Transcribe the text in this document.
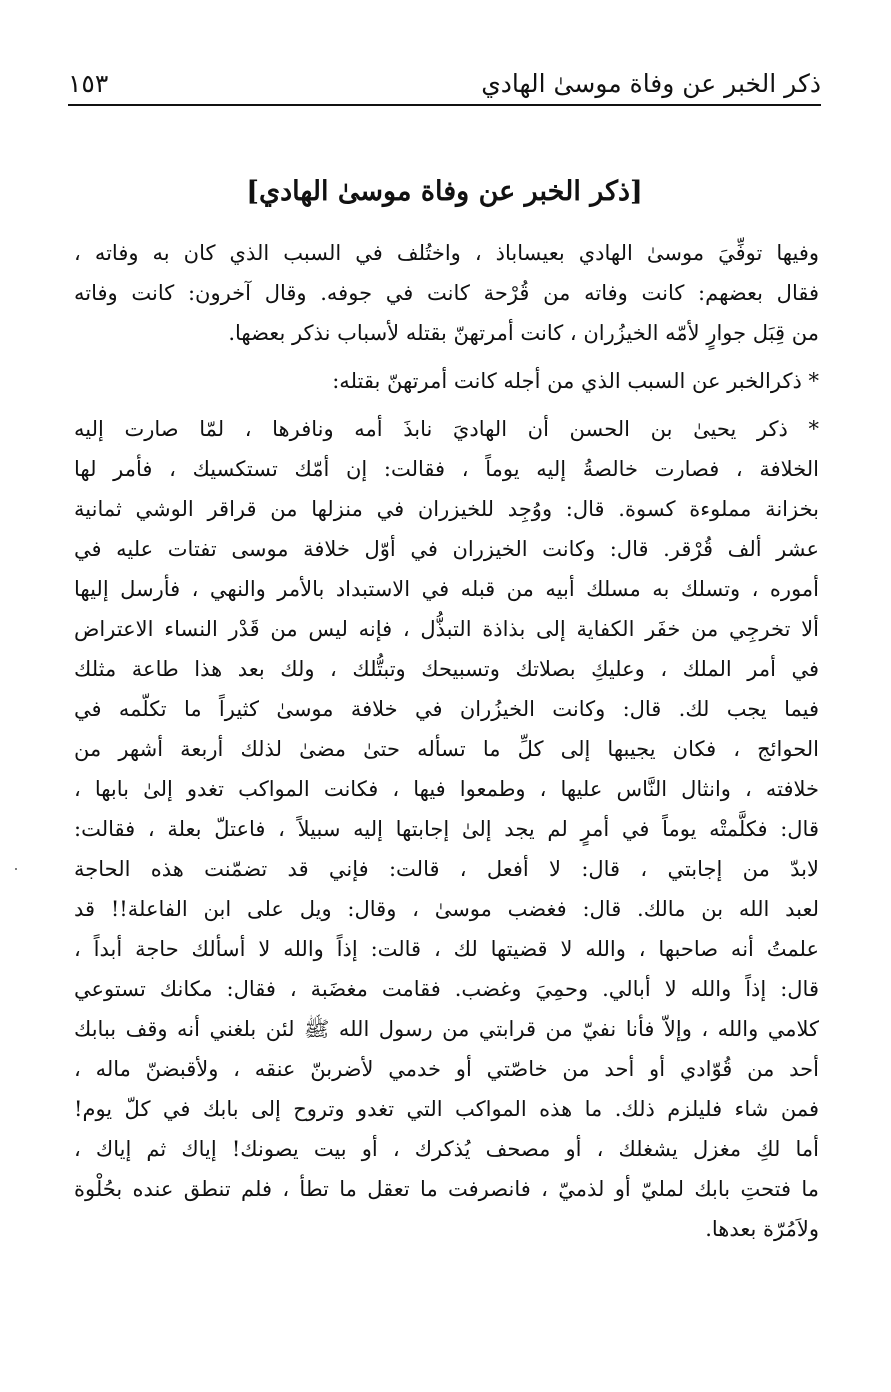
ذكر الخبر عن وفاة موسىٰ الهادي
١٥٣
[ذكر الخبر عن وفاة موسىٰ الهادي]
وفيها توفِّيَ موسىٰ الهادي بعيساباذ ، واختُلف في السبب الذي كان به وفاته ،
فقال بعضهم: كانت وفاته من قُرْحة كانت في جوفه. وقال آخرون: كانت وفاته
من قِبَل جوارٍ لأمّه الخيزُران ، كانت أمرتهنّ بقتله لأسباب نذكر بعضها.
* ذكرالخبر عن السبب الذي من أجله كانت أمرتهنّ بقتله:
* ذكر يحيىٰ بن الحسن أن الهاديَ نابذَ أمه ونافرها ، لمّا صارت إليه
الخلافة ، فصارت خالصةُ إليه يوماً ، فقالت: إن أمّك تستكسيك ، فأمر لها
بخزانة مملوءة كسوة. قال: ووُجِد للخيزران في منزلها من قراقر الوشي ثمانية
عشر ألف قُرْقر. قال: وكانت الخيزران في أوّل خلافة موسى تفتات عليه في
أموره ، وتسلك به مسلك أبيه من قبله في الاستبداد بالأمر والنهي ، فأرسل إليها
ألا تخرجِي من خفَر الكفاية إلى بذاذة التبذُّل ، فإنه ليس من قَدْر النساء الاعتراض
في أمر الملك ، وعليكِ بصلاتك وتسبيحك وتبتُّلك ، ولك بعد هذا طاعة مثلك
فيما يجب لك. قال: وكانت الخيزُران في خلافة موسىٰ كثيراً ما تكلّمه في
الحوائج ، فكان يجيبها إلى كلِّ ما تسأله حتىٰ مضىٰ لذلك أربعة أشهر من
خلافته ، وانثال النَّاس عليها ، وطمعوا فيها ، فكانت المواكب تغدو إلىٰ بابها ،
قال: فكلَّمتْه يوماً في أمرٍ لم يجد إلىٰ إجابتها إليه سبيلاً ، فاعتلّ بعلة ، فقالت:
لابدّ من إجابتي ، قال: لا أفعل ، قالت: فإني قد تضمّنت هذه الحاجة
لعبد الله بن مالك. قال: فغضب موسىٰ ، وقال: ويل على ابن الفاعلة!! قد
علمتُ أنه صاحبها ، والله لا قضيتها لك ، قالت: إذاً والله لا أسألك حاجة أبداً ،
قال: إذاً والله لا أبالي. وحمِيَ وغضب. فقامت مغضَبة ، فقال: مكانك تستوعي
كلامي والله ، وإلاّ فأنا نفيّ من قرابتي من رسول الله ﷺ لئن بلغني أنه وقف ببابك
أحد من قُوّادي أو أحد من خاصّتي أو خدمي لأضربنّ عنقه ، ولأقبضنّ ماله ،
فمن شاء فليلزم ذلك. ما هذه المواكب التي تغدو وتروح إلى بابك في كلّ يوم!
أما لكِ مغزل يشغلك ، أو مصحف يُذكرك ، أو بيت يصونك! إياك ثم إياك ،
ما فتحتِ بابك لمليّ أو لذميّ ، فانصرفت ما تعقل ما تطأ ، فلم تنطق عنده بحُلْوة
ولاَمُرّة بعدها.
